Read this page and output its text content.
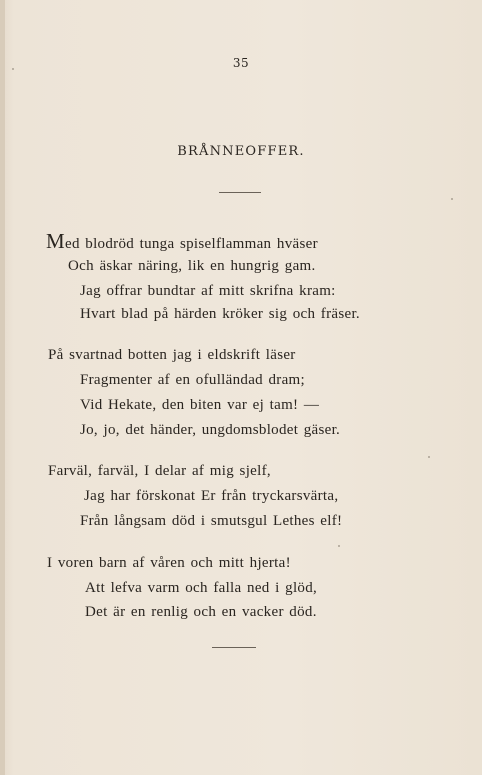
35
BRÅNNEOFFER.
Med blodröd tunga spiselflamman hväser
Och äskar näring, lik en hungrig gam.
Jag offrar bundtar af mitt skrifna kram:
Hvart blad på härden kröker sig och fräser.
På svartnad botten jag i eldskrift läser
Fragmenter af en ofulländad dram;
Vid Hekate, den biten var ej tam! —
Jo, jo, det händer, ungdomsblodet gäser.
Farväl, farväl, I delar af mig sjelf,
Jag har förskonat Er från tryckarsvärta,
Från långsam död i smutsgul Lethes elf!
I voren barn af våren och mitt hjerta!
Att lefva varm och falla ned i glöd,
Det är en renlig och en vacker död.
